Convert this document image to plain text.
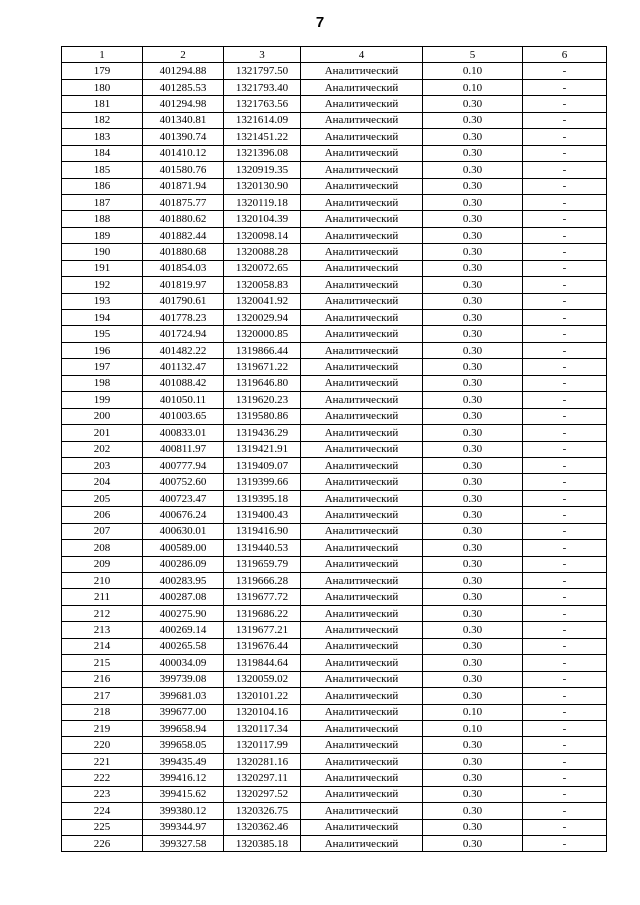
7
1	2	3	4	5	6
179	401294.88	1321797.50	Аналитический	0.10	-
180	401285.53	1321793.40	Аналитический	0.10	-
181	401294.98	1321763.56	Аналитический	0.30	-
182	401340.81	1321614.09	Аналитический	0.30	-
183	401390.74	1321451.22	Аналитический	0.30	-
184	401410.12	1321396.08	Аналитический	0.30	-
185	401580.76	1320919.35	Аналитический	0.30	-
186	401871.94	1320130.90	Аналитический	0.30	-
187	401875.77	1320119.18	Аналитический	0.30	-
188	401880.62	1320104.39	Аналитический	0.30	-
189	401882.44	1320098.14	Аналитический	0.30	-
190	401880.68	1320088.28	Аналитический	0.30	-
191	401854.03	1320072.65	Аналитический	0.30	-
192	401819.97	1320058.83	Аналитический	0.30	-
193	401790.61	1320041.92	Аналитический	0.30	-
194	401778.23	1320029.94	Аналитический	0.30	-
195	401724.94	1320000.85	Аналитический	0.30	-
196	401482.22	1319866.44	Аналитический	0.30	-
197	401132.47	1319671.22	Аналитический	0.30	-
198	401088.42	1319646.80	Аналитический	0.30	-
199	401050.11	1319620.23	Аналитический	0.30	-
200	401003.65	1319580.86	Аналитический	0.30	-
201	400833.01	1319436.29	Аналитический	0.30	-
202	400811.97	1319421.91	Аналитический	0.30	-
203	400777.94	1319409.07	Аналитический	0.30	-
204	400752.60	1319399.66	Аналитический	0.30	-
205	400723.47	1319395.18	Аналитический	0.30	-
206	400676.24	1319400.43	Аналитический	0.30	-
207	400630.01	1319416.90	Аналитический	0.30	-
208	400589.00	1319440.53	Аналитический	0.30	-
209	400286.09	1319659.79	Аналитический	0.30	-
210	400283.95	1319666.28	Аналитический	0.30	-
211	400287.08	1319677.72	Аналитический	0.30	-
212	400275.90	1319686.22	Аналитический	0.30	-
213	400269.14	1319677.21	Аналитический	0.30	-
214	400265.58	1319676.44	Аналитический	0.30	-
215	400034.09	1319844.64	Аналитический	0.30	-
216	399739.08	1320059.02	Аналитический	0.30	-
217	399681.03	1320101.22	Аналитический	0.30	-
218	399677.00	1320104.16	Аналитический	0.10	-
219	399658.94	1320117.34	Аналитический	0.10	-
220	399658.05	1320117.99	Аналитический	0.30	-
221	399435.49	1320281.16	Аналитический	0.30	-
222	399416.12	1320297.11	Аналитический	0.30	-
223	399415.62	1320297.52	Аналитический	0.30	-
224	399380.12	1320326.75	Аналитический	0.30	-
225	399344.97	1320362.46	Аналитический	0.30	-
226	399327.58	1320385.18	Аналитический	0.30	-
